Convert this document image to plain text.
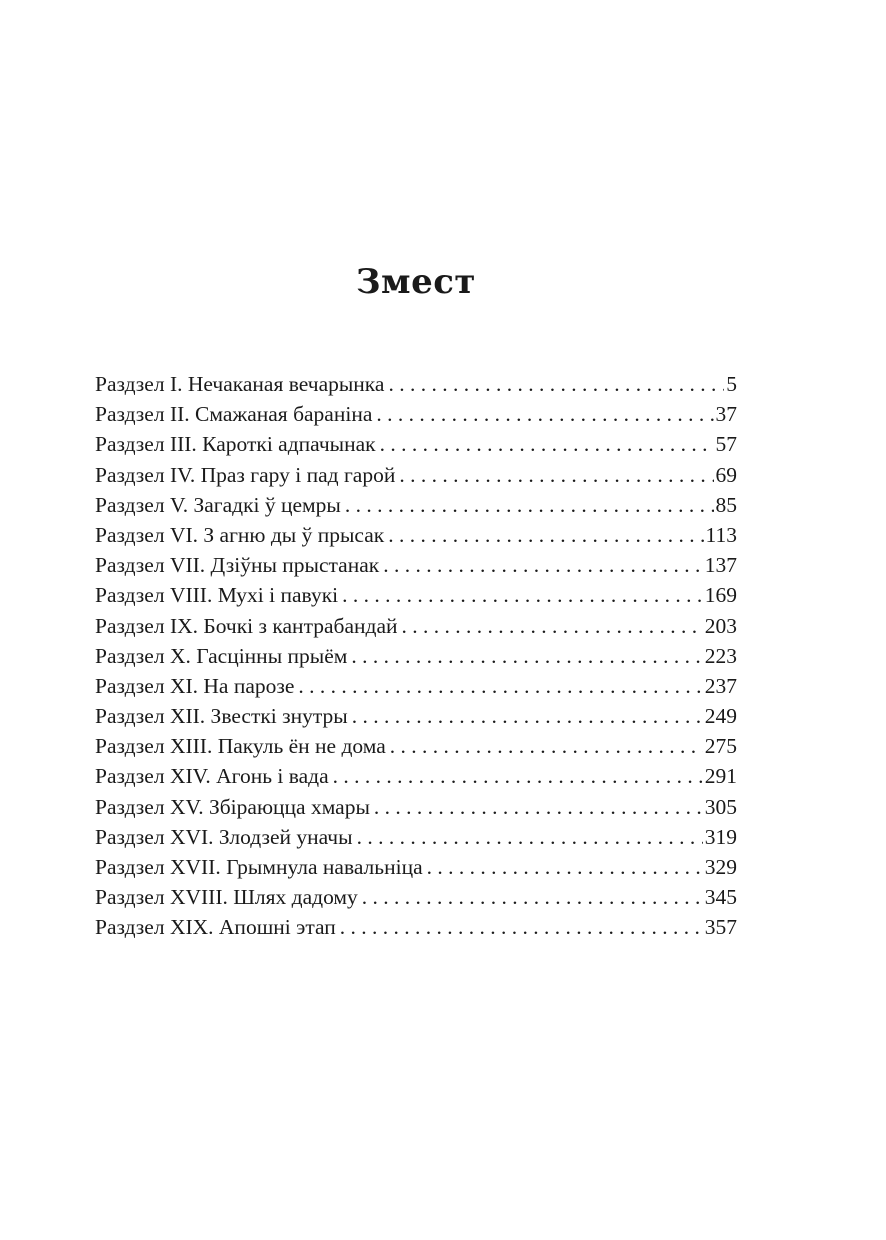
Змест
Раздзел I. Нечаканая вечарынка . . .	5
Раздзел II. Смажаная бараніна . . .	37
Раздзел III. Кароткі адпачынак . . .	57
Раздзел IV. Праз гару і пад гарой . . .	69
Раздзел V. Загадкі ў цемры . . .	85
Раздзел VI. З агню ды ў прысак . . .	113
Раздзел VII. Дзіўны прыстанак . . .	137
Раздзел VIII. Мухі і павукі . . .	169
Раздзел IX. Бочкі з кантрабандай . . .	203
Раздзел X. Гасцінны прыём . . .	223
Раздзел XI. На парозе . . .	237
Раздзел XII. Звесткі знутры . . .	249
Раздзел XIII. Пакуль ён не дома . . .	275
Раздзел XIV. Агонь і вада . . .	291
Раздзел XV. Збіраюцца хмары . . .	305
Раздзел XVI. Злодзей уначы . . .	319
Раздзел XVII. Грымнула навальніца . . .	329
Раздзел XVIII. Шлях дадому . . .	345
Раздзел XIX. Апошні этап . . .	357
